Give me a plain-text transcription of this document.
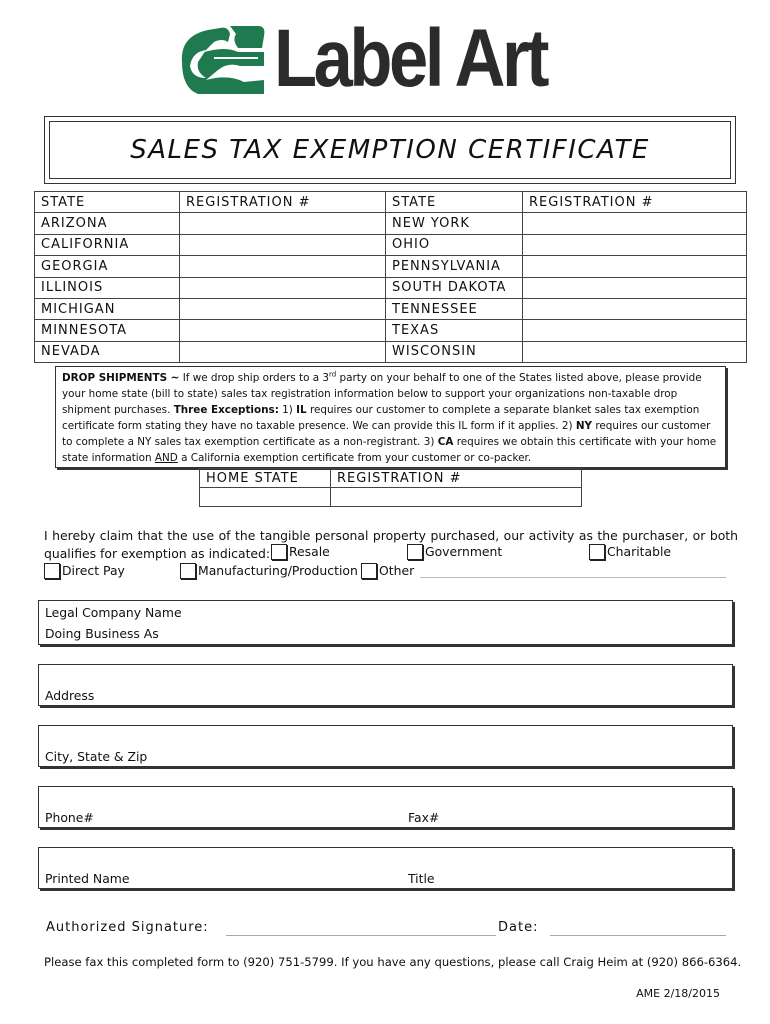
Label Art
SALES TAX EXEMPTION CERTIFICATE
STATE	REGISTRATION #	STATE	REGISTRATION #
ARIZONA		NEW YORK	
CALIFORNIA		OHIO	
GEORGIA		PENNSYLVANIA	
ILLINOIS		SOUTH DAKOTA	
MICHIGAN		TENNESSEE	
MINNESOTA		TEXAS	
NEVADA		WISCONSIN	
DROP SHIPMENTS ~ If we drop ship orders to a 3rd party on your behalf to one of the States listed above, please provide your home state (bill to state) sales tax registration information below to support your organizations non-taxable drop shipment purchases. Three Exceptions: 1) IL requires our customer to complete a separate blanket sales tax exemption certificate form stating they have no taxable presence. We can provide this IL form if it applies. 2) NY requires our customer to complete a NY sales tax exemption certificate as a non-registrant. 3) CA requires we obtain this certificate with your home state information AND a California exemption certificate from your customer or co-packer.
HOME STATE	REGISTRATION #

I hereby claim that the use of the tangible personal property purchased, our activity as the purchaser, or both qualifies for exemption as indicated:	Resale	Government	Charitable
Direct Pay	Manufacturing/Production Other
Legal Company Name
Doing Business As
Address
City, State & Zip
Phone#	Fax#
Printed Name	Title
Authorized Signature:	Date:
Please fax this completed form to (920) 751-5799. If you have any questions, please call Craig Heim at (920) 866-6364.
AME 2/18/2015
